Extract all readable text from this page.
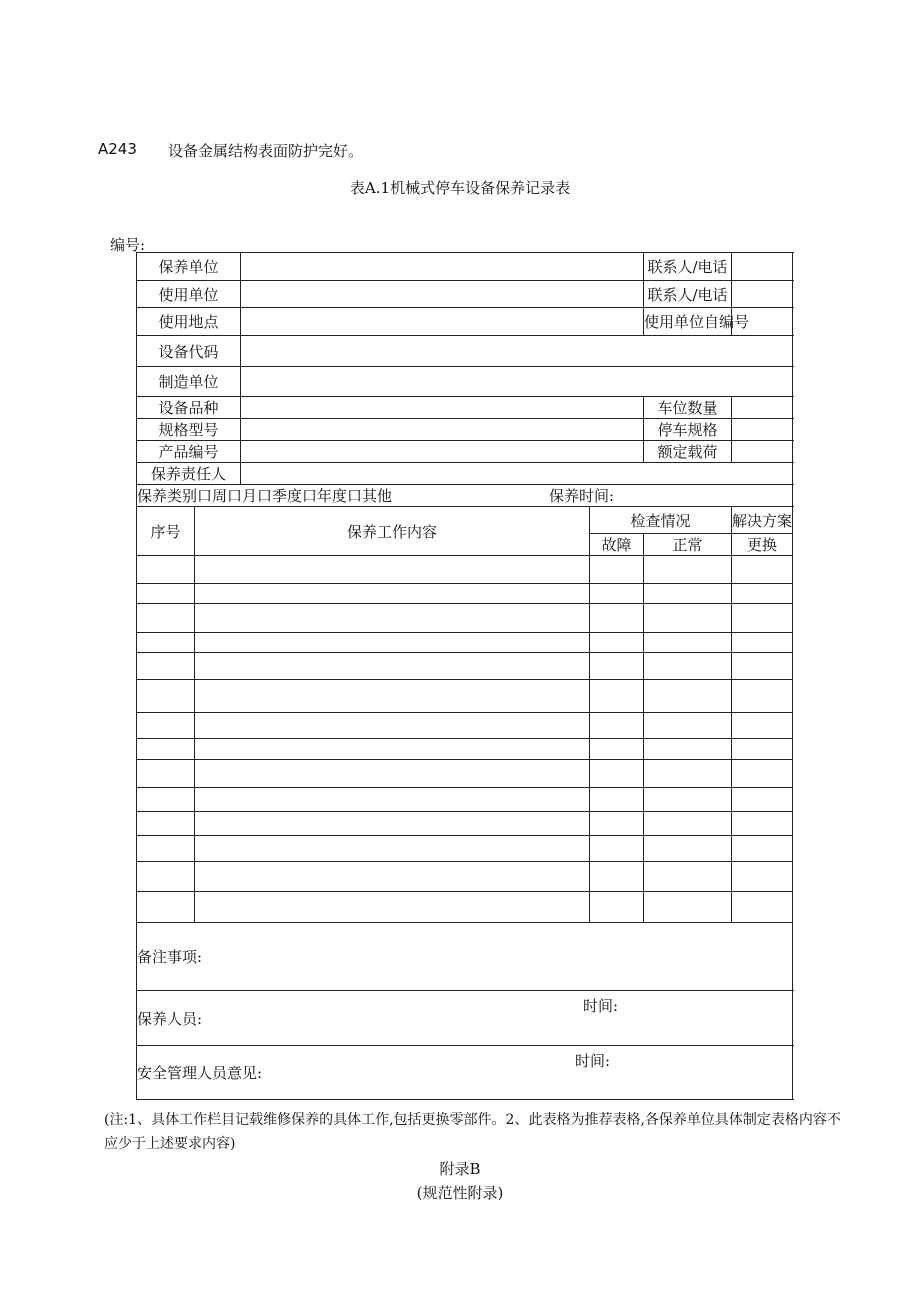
A243 设备金属结构表面防护完好。
表A.1机械式停车设备保养记录表
编号:
保养单位				联系人/电话		
使用单位				联系人/电话		
使用地点				使用单位自编号		
设备代码						
制造单位						
设备品种				车位数量		
规格型号				停车规格		
产品编号				额定载荷		
保养责任人						
保养类别口周口月口季度口年度口其他 保养时间:						

序号	保养工作内容		检查情况		解决方案	
			故障	正常	更换	

备注事项:						
保养人员:
时间:						

安全管理人员意见:
时间:						
(注:1、具体工作栏目记载维修保养的具体工作,包括更换零部件。2、此表格为推荐表格,各保养单位具体制定表格内容不应少于上述要求内容)
附录B
(规范性附录)
